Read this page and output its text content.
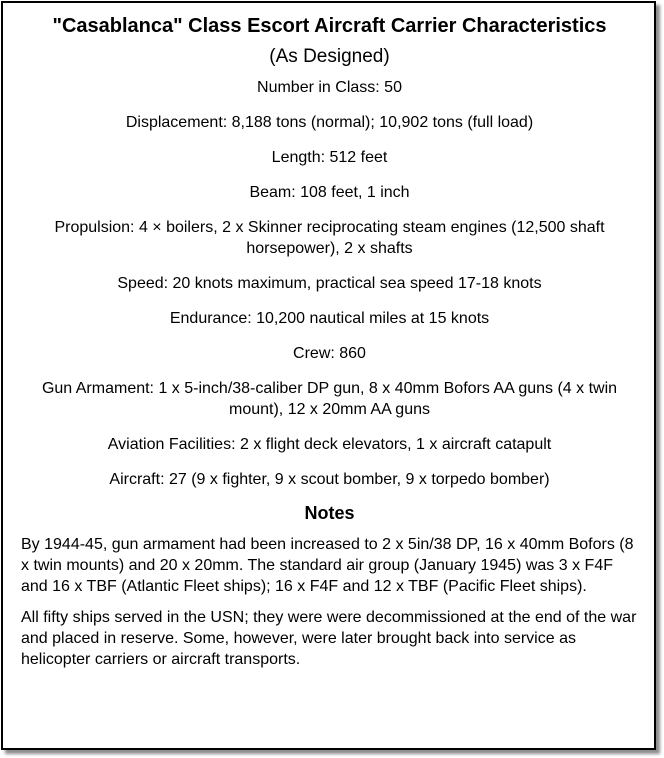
"Casablanca" Class Escort Aircraft Carrier Characteristics
(As Designed)
Number in Class: 50
Displacement: 8,188 tons (normal); 10,902 tons (full load)
Length: 512 feet
Beam: 108 feet, 1 inch
Propulsion: 4 × boilers, 2 x Skinner reciprocating steam engines (12,500 shaft horsepower), 2 x shafts
Speed: 20 knots maximum, practical sea speed 17-18 knots
Endurance: 10,200 nautical miles at 15 knots
Crew: 860
Gun Armament: 1 x 5-inch/38-caliber DP gun, 8 x 40mm Bofors AA guns (4 x twin mount), 12 x 20mm AA guns
Aviation Facilities: 2 x flight deck elevators, 1 x aircraft catapult
Aircraft: 27 (9 x fighter, 9 x scout bomber, 9 x torpedo bomber)
Notes
By 1944-45, gun armament had been increased to 2 x 5in/38 DP, 16 x 40mm Bofors (8 x twin mounts) and 20 x 20mm. The standard air group (January 1945) was 3 x F4F and 16 x TBF (Atlantic Fleet ships); 16 x F4F and 12 x TBF (Pacific Fleet ships).
All fifty ships served in the USN; they were were decommissioned at the end of the war and placed in reserve. Some, however, were later brought back into service as helicopter carriers or aircraft transports.
